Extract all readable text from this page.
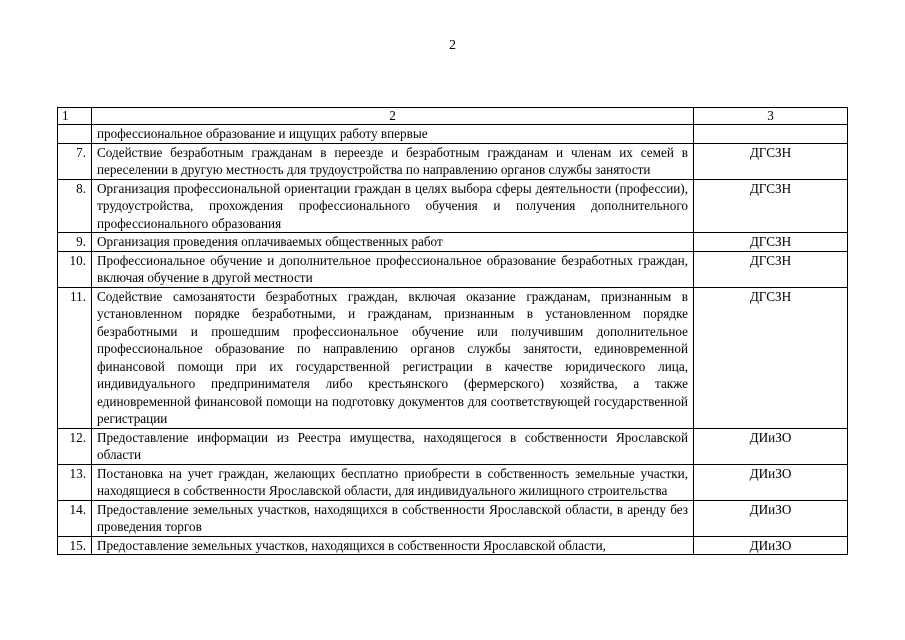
2
1	2	3
	профессиональное образование и ищущих работу впервые	
7.	Содействие безработным гражданам в переезде и безработным гражданам и членам их семей в переселении в другую местность для трудоустройства по направлению органов службы занятости	ДГСЗН
8.	Организация профессиональной ориентации граждан в целях выбора сферы деятельности (профессии), трудоустройства, прохождения профессионального обучения и получения дополнительного профессионального образования	ДГСЗН
9.	Организация проведения оплачиваемых общественных работ	ДГСЗН
10.	Профессиональное обучение и дополнительное профессиональное образование безработных граждан, включая обучение в другой местности	ДГСЗН
11.	Содействие самозанятости безработных граждан, включая оказание гражданам, признанным в установленном порядке безработными, и гражданам, признанным в установленном порядке безработными и прошедшим профессиональное обучение или получившим дополнительное профессиональное образование по направлению органов службы занятости, единовременной финансовой помощи при их государственной регистрации в качестве юридического лица, индивидуального предпринимателя либо крестьянского (фермерского) хозяйства, а также единовременной финансовой помощи на подготовку документов для соответствующей государственной регистрации	ДГСЗН
12.	Предоставление информации из Реестра имущества, находящегося в собственности Ярославской области	ДИиЗО
13.	Постановка на учет граждан, желающих бесплатно приобрести в собственность земельные участки, находящиеся в собственности Ярославской области, для индивидуального жилищного строительства	ДИиЗО
14.	Предоставление земельных участков, находящихся в собственности Ярославской области, в аренду без проведения торгов	ДИиЗО
15.	Предоставление земельных участков, находящихся в собственности Ярославской области,	ДИиЗО
